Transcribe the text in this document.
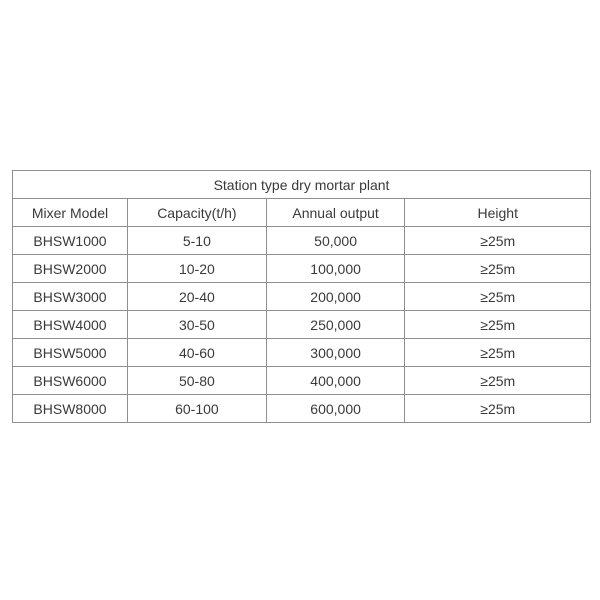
Station type dry mortar plant			
Mixer Model	Capacity(t/h)	Annual output	Height
BHSW1000	5-10	50,000	≥25m
BHSW2000	10-20	100,000	≥25m
BHSW3000	20-40	200,000	≥25m
BHSW4000	30-50	250,000	≥25m
BHSW5000	40-60	300,000	≥25m
BHSW6000	50-80	400,000	≥25m
BHSW8000	60-100	600,000	≥25m
